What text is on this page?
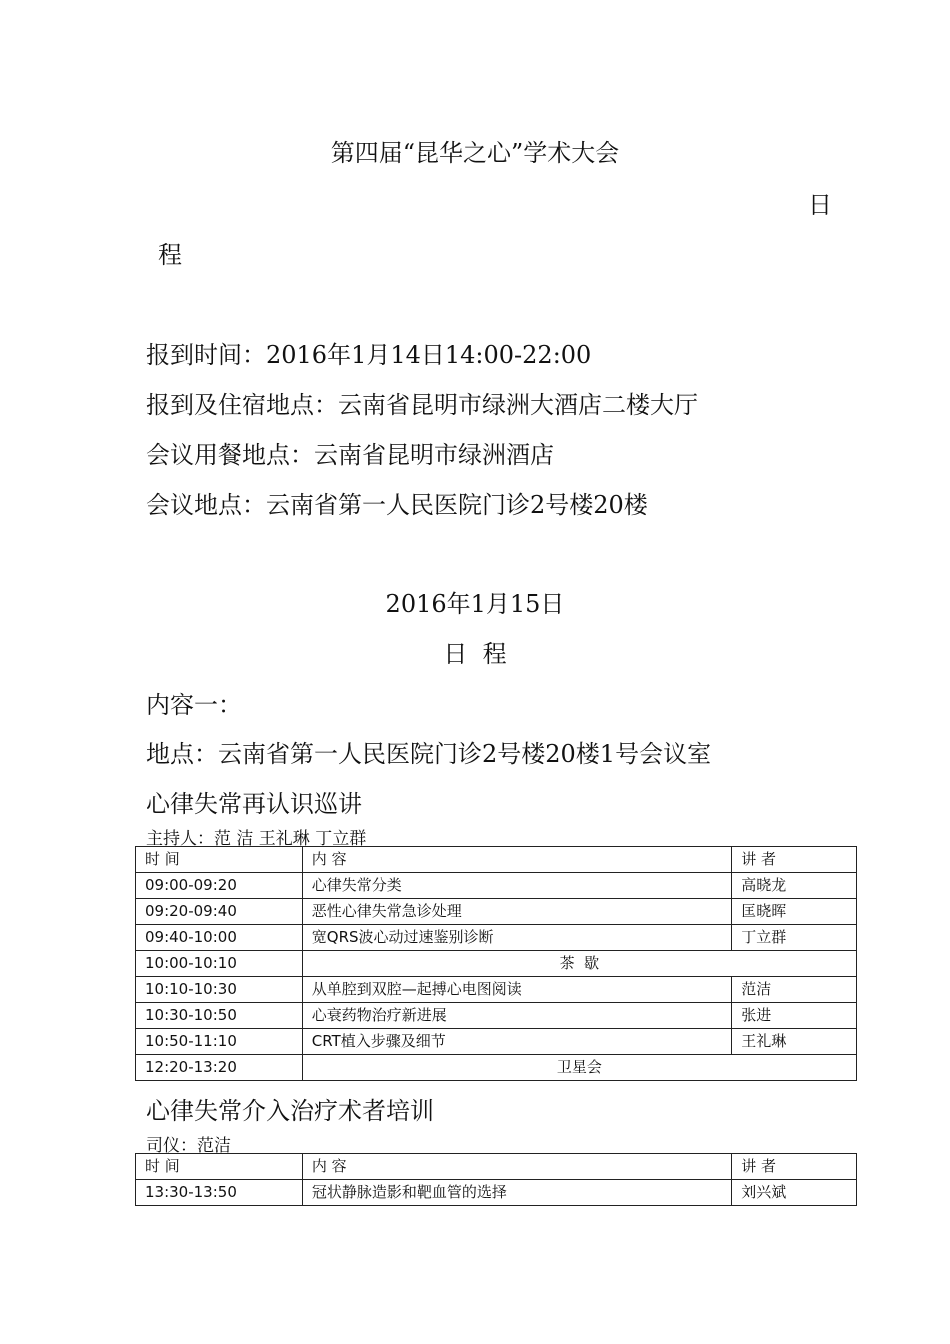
第四届“昆华之心”学术大会
日
程
报到时间：2016年1月14日14:00-22:00
报到及住宿地点：云南省昆明市绿洲大酒店二楼大厅
会议用餐地点：云南省昆明市绿洲酒店
会议地点：云南省第一人民医院门诊2号楼20楼
2016年1月15日
日  程
内容一：
地点：云南省第一人民医院门诊2号楼20楼1号会议室
心律失常再认识巡讲
主持人：范 洁 王礼琳 丁立群
时 间	内 容	讲 者
09:00-09:20	心律失常分类	高晓龙
09:20-09:40	恶性心律失常急诊处理	匡晓晖
09:40-10:00	宽QRS波心动过速鉴别诊断	丁立群
10:00-10:10	茶  歇	
10:10-10:30	从单腔到双腔—起搏心电图阅读	范洁
10:30-10:50	心衰药物治疗新进展	张进
10:50-11:10	CRT植入步骤及细节	王礼琳
12:20-13:20	卫星会	
心律失常介入治疗术者培训
司仪：范洁
时 间	内 容	讲 者
13:30-13:50	冠状静脉造影和靶血管的选择	刘兴斌
